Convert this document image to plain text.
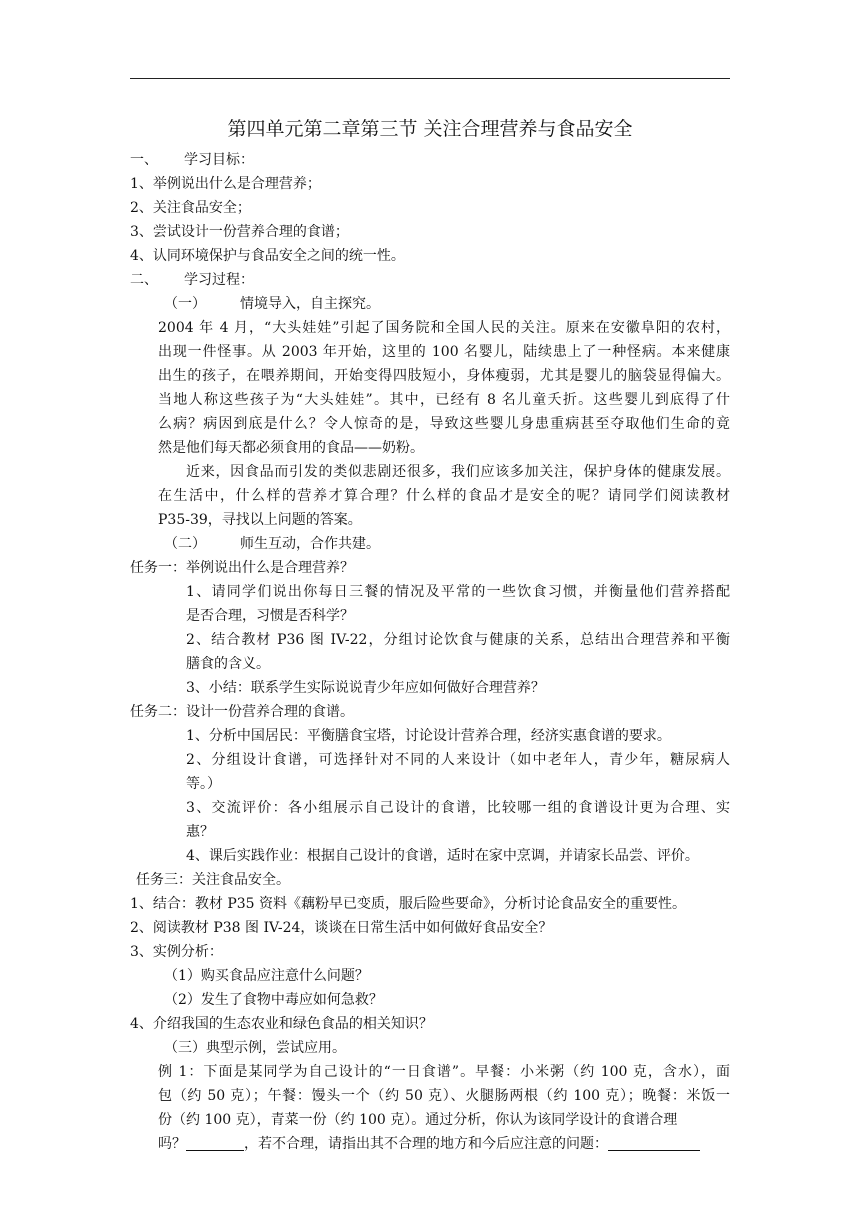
第四单元第二章第三节 关注合理营养与食品安全
一、 学习目标：
1、举例说出什么是合理营养；
2、关注食品安全；
3、尝试设计一份营养合理的食谱；
4、认同环境保护与食品安全之间的统一性。
二、 学习过程：
（一） 情境导入，自主探究。
2004 年 4 月，“大头娃娃”引起了国务院和全国人民的关注。原来在安徽阜阳的农村，
出现一件怪事。从 2003 年开始，这里的 100 名婴儿，陆续患上了一种怪病。本来健康
出生的孩子，在喂养期间，开始变得四肢短小，身体瘦弱，尤其是婴儿的脑袋显得偏大。
当地人称这些孩子为“大头娃娃”。其中，已经有 8 名儿童夭折。这些婴儿到底得了什
么病？病因到底是什么？令人惊奇的是，导致这些婴儿身患重病甚至夺取他们生命的竟
然是他们每天都必须食用的食品——奶粉。
近来，因食品而引发的类似悲剧还很多，我们应该多加关注，保护身体的健康发展。
在生活中，什么样的营养才算合理？什么样的食品才是安全的呢？请同学们阅读教材
P35-39，寻找以上问题的答案。
（二） 师生互动，合作共建。
任务一：举例说出什么是合理营养？
1、请同学们说出你每日三餐的情况及平常的一些饮食习惯，并衡量他们营养搭配
是否合理，习惯是否科学？
2、结合教材 P36 图 IV-22，分组讨论饮食与健康的关系，总结出合理营养和平衡
膳食的含义。
3、小结：联系学生实际说说青少年应如何做好合理营养？
任务二：设计一份营养合理的食谱。
1、分析中国居民：平衡膳食宝塔，讨论设计营养合理，经济实惠食谱的要求。
2、分组设计食谱，可选择针对不同的人来设计（如中老年人，青少年，糖尿病人
等。）
3、交流评价：各小组展示自己设计的食谱，比较哪一组的食谱设计更为合理、实
惠？
4、课后实践作业：根据自己设计的食谱，适时在家中烹调，并请家长品尝、评价。
任务三：关注食品安全。
1、结合：教材 P35 资料《藕粉早已变质，服后险些要命》，分析讨论食品安全的重要性。
2、阅读教材 P38 图 IV-24，谈谈在日常生活中如何做好食品安全？
3、实例分析：
（1）购买食品应注意什么问题？
（2）发生了食物中毒应如何急救？
4、介绍我国的生态农业和绿色食品的相关知识？
（三）典型示例，尝试应用。
例 1：下面是某同学为自己设计的“一日食谱”。早餐：小米粥（约 100 克，含水），面
包（约 50 克）；午餐：馒头一个（约 50 克）、火腿肠两根（约 100 克）；晚餐：米饭一
份（约 100 克），青菜一份（约 100 克）。通过分析，你认为该同学设计的食谱合理
吗？	，若不合理，请指出其不合理的地方和今后应注意的问题：
